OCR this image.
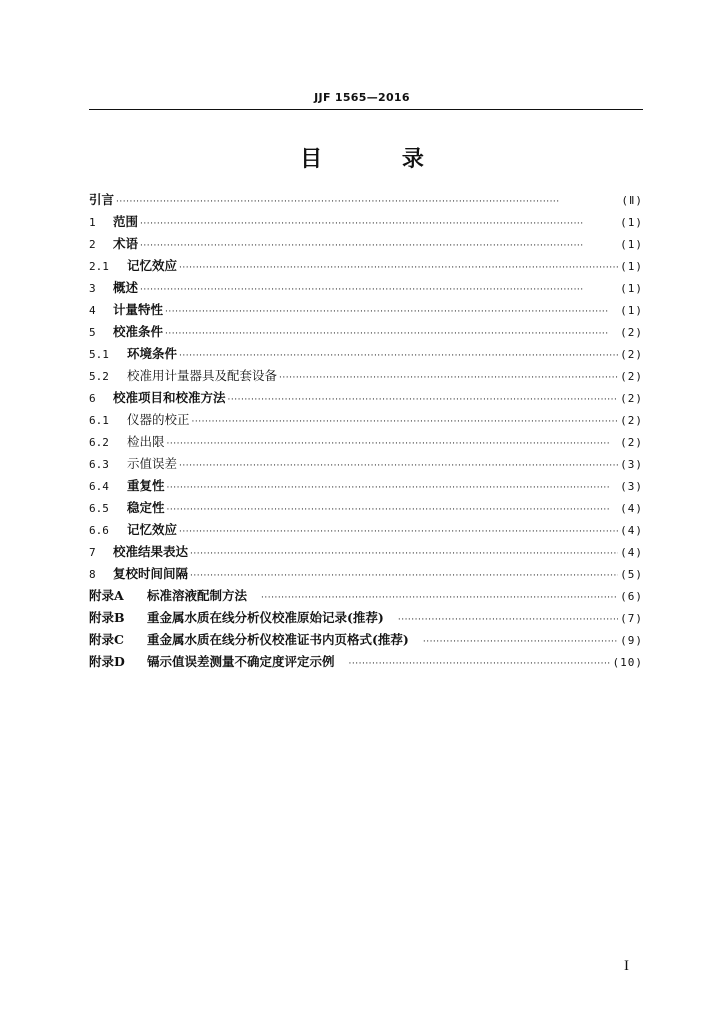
JJF 1565—2016
目 录
引言 ·····	(Ⅱ)
1	范围 ·····	(1)
2	术语 ·····	(1)
2.1	记忆效应 ·····	(1)
3	概述 ·····	(1)
4	计量特性 ·····	(1)
5	校准条件 ·····	(2)
5.1	环境条件 ·····	(2)
5.2	校准用计量器具及配套设备 ·····	(2)
6	校准项目和校准方法 ·····	(2)
6.1	仪器的校正 ·····	(2)
6.2	检出限 ·····	(2)
6.3	示值误差 ·····	(3)
6.4	重复性 ·····	(3)
6.5	稳定性 ·····	(4)
6.6	记忆效应 ·····	(4)
7	校准结果表达 ·····	(4)
8	复校时间间隔 ·····	(5)
附录A	标准溶液配制方法 ·····	(6)
附录B	重金属水质在线分析仪校准原始记录(推荐) ·····	(7)
附录C	重金属水质在线分析仪校准证书内页格式(推荐) ·····	(9)
附录D	镉示值误差测量不确定度评定示例 ·····	(10)
I
